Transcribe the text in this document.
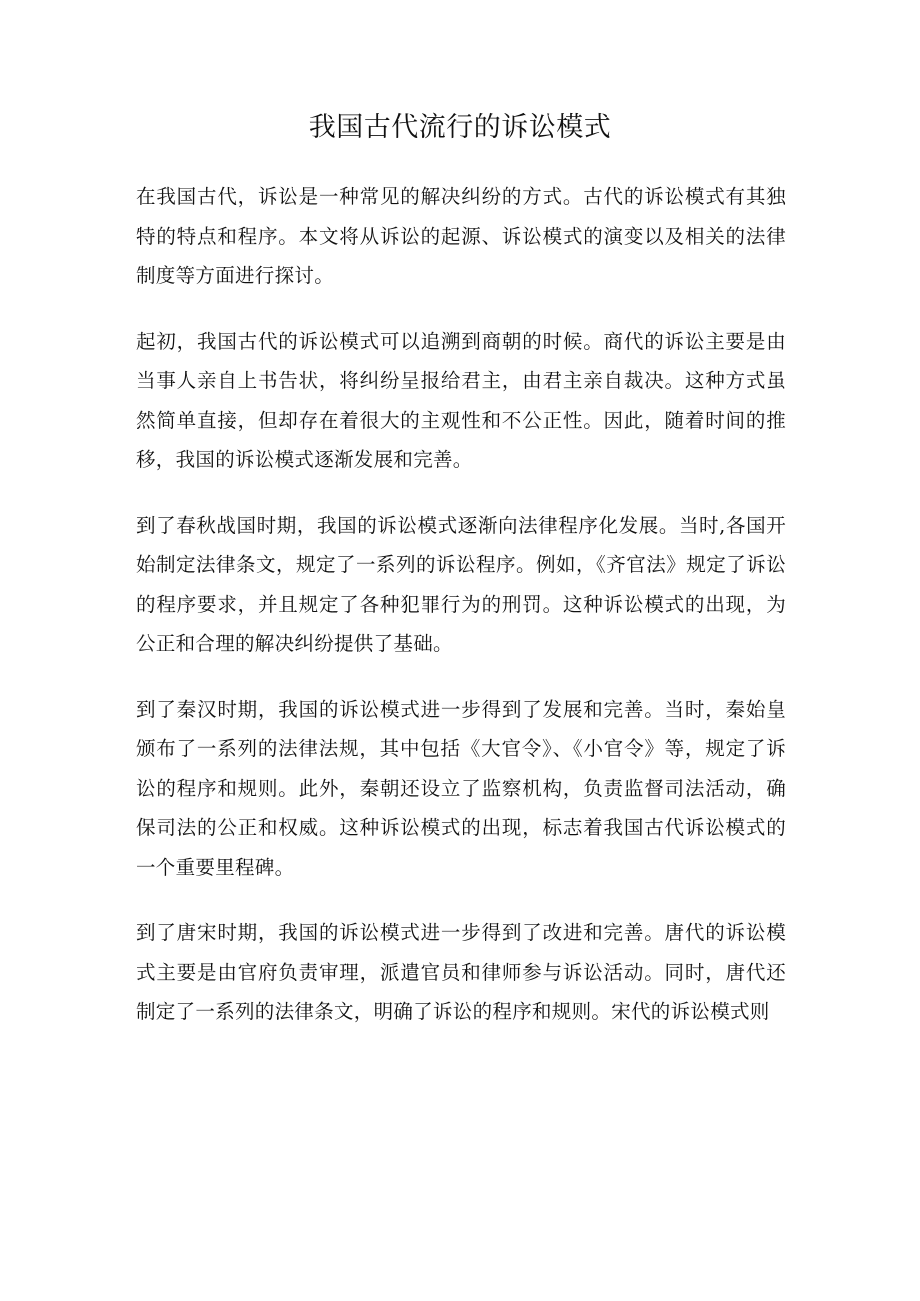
我国古代流行的诉讼模式

在我国古代，诉讼是一种常见的解决纠纷的方式。古代的诉讼模式有其独特的特点和程序。本文将从诉讼的起源、诉讼模式的演变以及相关的法律制度等方面进行探讨。

起初，我国古代的诉讼模式可以追溯到商朝的时候。商代的诉讼主要是由当事人亲自上书告状，将纠纷呈报给君主，由君主亲自裁决。这种方式虽然简单直接，但却存在着很大的主观性和不公正性。因此，随着时间的推移，我国的诉讼模式逐渐发展和完善。

到了春秋战国时期，我国的诉讼模式逐渐向法律程序化发展。当时,各国开始制定法律条文，规定了一系列的诉讼程序。例如，《齐官法》规定了诉讼的程序要求，并且规定了各种犯罪行为的刑罚。这种诉讼模式的出现，为公正和合理的解决纠纷提供了基础。

到了秦汉时期，我国的诉讼模式进一步得到了发展和完善。当时，秦始皇颁布了一系列的法律法规，其中包括《大官令》、《小官令》等，规定了诉讼的程序和规则。此外，秦朝还设立了监察机构，负责监督司法活动，确保司法的公正和权威。这种诉讼模式的出现，标志着我国古代诉讼模式的一个重要里程碑。

到了唐宋时期，我国的诉讼模式进一步得到了改进和完善。唐代的诉讼模式主要是由官府负责审理，派遣官员和律师参与诉讼活动。同时，唐代还制定了一系列的法律条文，明确了诉讼的程序和规则。宋代的诉讼模式则
